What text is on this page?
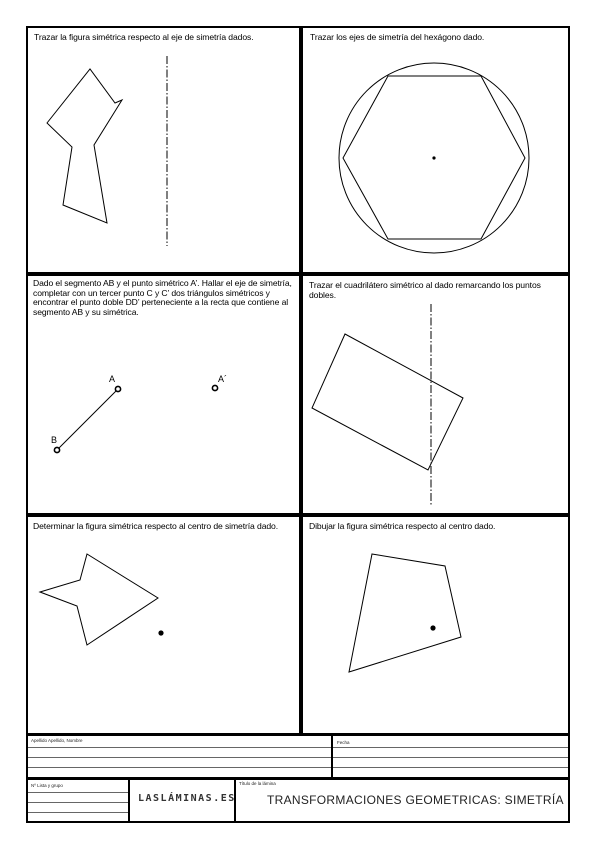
Trazar la figura simétrica respecto al eje de simetría dados.	Trazar los ejes de simetría del hexágono dado.
Dado el segmento AB y el punto simétrico A’. Hallar el eje de simetría, completar con un tercer punto C y C’ dos triángulos simétricos y encontrar el punto doble DD’ perteneciente a la recta que contiene al segmento AB y su simétrica.
Trazar el cuadrilátero simétrico al dado remarcando los puntos dobles.
Determinar la figura simétrica respecto al centro de simetría dado.	Dibujar la figura simétrica respecto al centro dado.
A	A´
B
Apellido Apellido, Nombre	Fecha
Nº Lista y grupo
LASLÁMINAS.ES
Título de la lámina
TRANSFORMACIONES GEOMETRICAS: SIMETRÍA
